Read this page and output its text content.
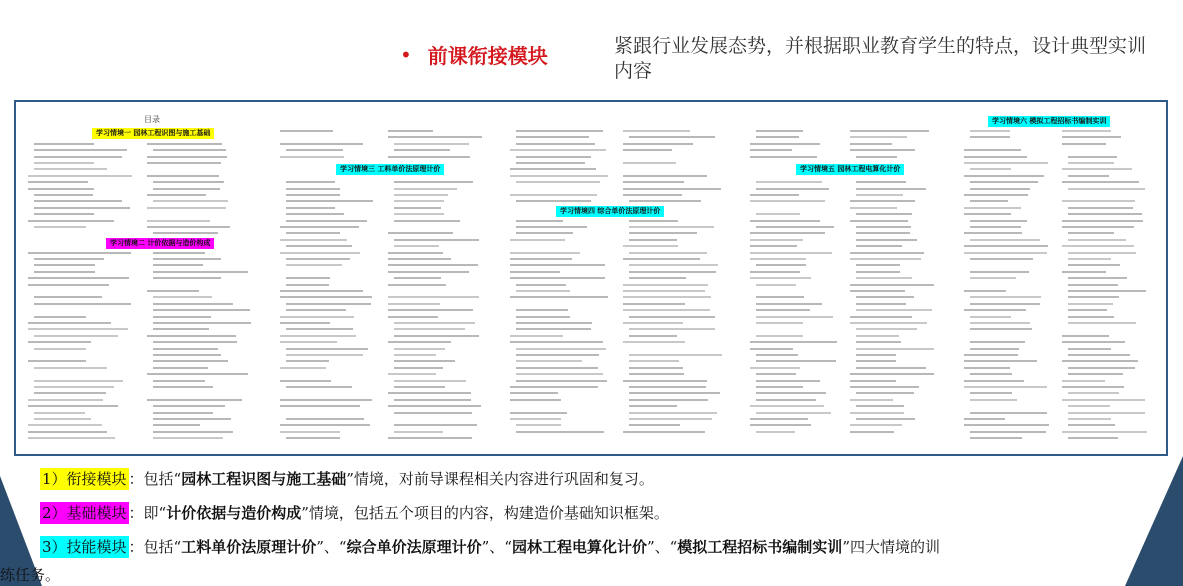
• 前课衔接模块	紧跟行业发展态势，并根据职业教育学生的特点，设计典型实训内容
目录
学习情境一 园林工程识图与施工基础
学习情境二 计价依据与造价构成
学习情境三 工料单价法原理计价
学习情境四 综合单价法原理计价
学习情境五 园林工程电算化计价
学习情境六 模拟工程招标书编制实训
1）衔接模块 ：包括“园林工程识图与施工基础”情境，对前导课程相关内容进行巩固和复习。
2）基础模块 ：即“计价依据与造价构成”情境，包括五个项目的内容，构建造价基础知识框架。
3）技能模块 ：包括“工料单价法原理计价”、“综合单价法原理计价”、“园林工程电算化计价”、“模拟工程招标书编制实训”四大情境的训
练任务。
